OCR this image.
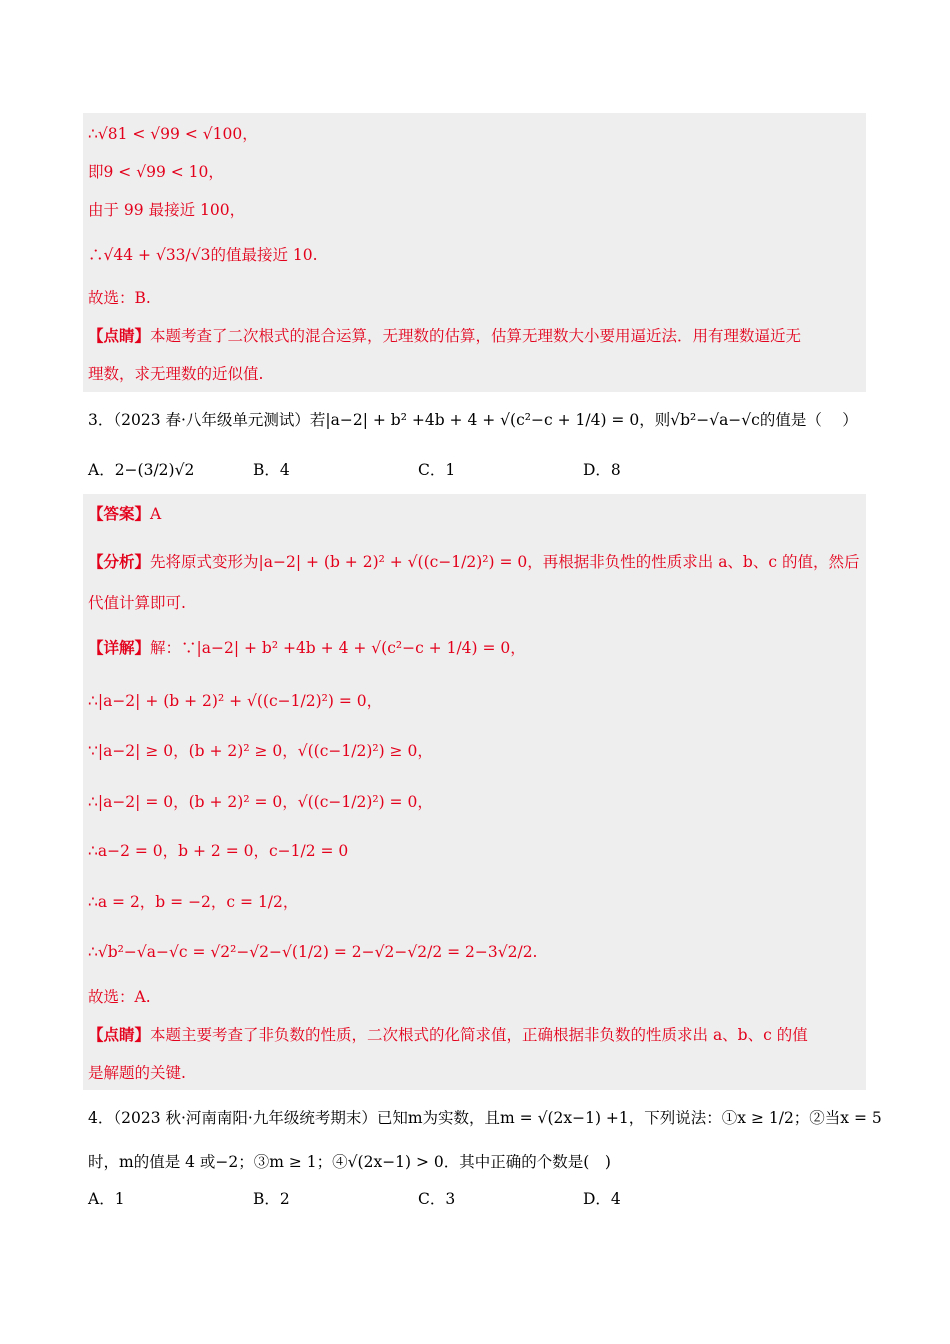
∴√81 < √99 < √100，
即9 < √99 < 10，
由于 99 最接近 100，
∴√44 + √33/√3的值最接近 10.
故选：B.
【点睛】本题考查了二次根式的混合运算，无理数的估算，估算无理数大小要用逼近法．用有理数逼近无
理数，求无理数的近似值.
3．（2023 春·八年级单元测试）若|a−2| + b² +4b + 4 + √(c²−c + 1/4) = 0，则√b²−√a−√c的值是（　 ）
A．2−(3/2)√2	B．4	C．1	D．8
【答案】A
【分析】先将原式变形为|a−2| + (b + 2)² + √((c−1/2)²) = 0，再根据非负性的性质求出 a、b、c 的值，然后
代值计算即可.
【详解】解：∵|a−2| + b² +4b + 4 + √(c²−c + 1/4) = 0，
∴|a−2| + (b + 2)² + √((c−1/2)²) = 0，
∵|a−2| ≥ 0，(b + 2)² ≥ 0，√((c−1/2)²) ≥ 0，
∴|a−2| = 0，(b + 2)² = 0，√((c−1/2)²) = 0，
∴a−2 = 0，b + 2 = 0，c−1/2 = 0
∴a = 2，b = −2，c = 1/2，
∴√b²−√a−√c = √2²−√2−√(1/2) = 2−√2−√2/2 = 2−3√2/2.
故选：A.
【点睛】本题主要考查了非负数的性质，二次根式的化简求值，正确根据非负数的性质求出 a、b、c 的值
是解题的关键.
4．（2023 秋·河南南阳·九年级统考期末）已知m为实数，且m = √(2x−1) +1，下列说法：①x ≥ 1/2；②当x = 5
时，m的值是 4 或−2；③m ≥ 1；④√(2x−1) > 0．其中正确的个数是(　)
A．1	B．2	C．3	D．4
